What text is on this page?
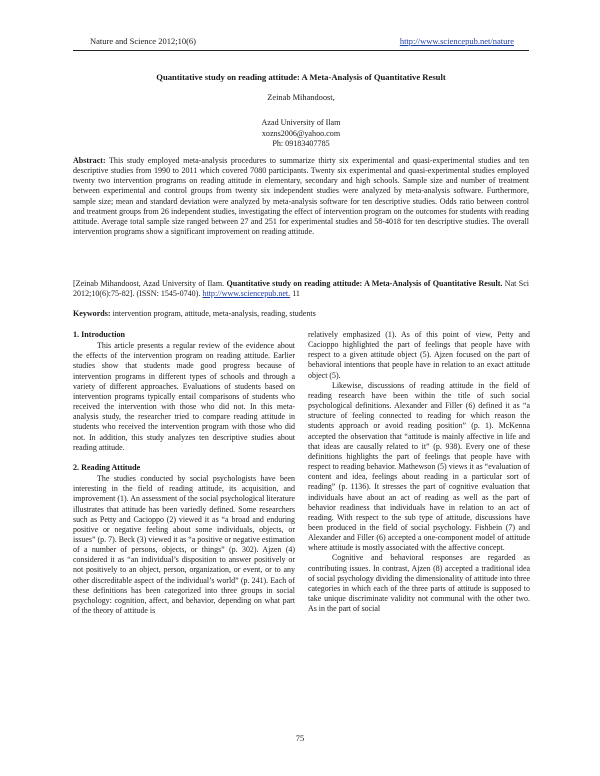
Nature and Science 2012;10(6)	http://www.sciencepub.net/nature
Quantitative study on reading attitude: A Meta-Analysis of Quantitative Result
Zeinab Mihandoost,
Azad University of Ilam
xozns2006@yahoo.com
Ph: 09183407785
Abstract: This study employed meta-analysis procedures to summarize thirty six experimental and quasi-experimental studies and ten descriptive studies from 1990 to 2011 which covered 7080 participants. Twenty six experimental and quasi-experimental studies employed twenty two intervention programs on reading attitude in elementary, secondary and high schools. Sample size and number of treatment between experimental and control groups from twenty six independent studies were analyzed by meta-analysis software. Furthermore, sample size; mean and standard deviation were analyzed by meta-analysis software for ten descriptive studies. Odds ratio between control and treatment groups from 26 independent studies, investigating the effect of intervention program on the outcomes for students with reading attitude. Average total sample size ranged between 27 and 251 for experimental studies and 58-4018 for ten descriptive studies. The overall intervention programs show a significant improvement on reading attitude.
[Zeinab Mihandoost, Azad University of Ilam. Quantitative study on reading attitude: A Meta-Analysis of Quantitative Result. Nat Sci 2012;10(6):75-82]. (ISSN: 1545-0740). http://www.sciencepub.net. 11
Keywords: intervention program, attitude, meta-analysis, reading, students
1. Introduction

This article presents a regular review of the evidence about the effects of the intervention program on reading attitude. Earlier studies show that students made good progress because of intervention programs in different types of schools and through a variety of different approaches. Evaluations of students based on intervention programs typically entail comparisons of students who received the intervention with those who did not. In this meta-analysis study, the researcher tried to compare reading attitude in students who received the intervention program with those who did not. In addition, this study analyzes ten descriptive studies about reading attitude.

2. Reading Attitude

The studies conducted by social psychologists have been interesting in the field of reading attitude, its acquisition, and improvement (1). An assessment of the social psychological literature illustrates that attitude has been variedly defined. Some researchers such as Petty and Cacioppo (2) viewed it as “a broad and enduring positive or negative feeling about some individuals, objects, or issues” (p. 7). Beck (3) viewed it as “a positive or negative estimation of a number of persons, objects, or things” (p. 302). Ajzen (4) considered it as “an individual’s disposition to answer positively or not positively to an object, person, organization, or event, or to any other discreditable aspect of the individual’s world” (p. 241). Each of these definitions has been categorized into three groups in social psychology: cognition, affect, and behavior, depending on what part of the theory of attitude is

relatively emphasized (1). As of this point of view, Petty and Cacioppo highlighted the part of feelings that people have with respect to a given attitude object (5). Ajzen focused on the part of behavioral intentions that people have in relation to an exact attitude object (5).

Likewise, discussions of reading attitude in the field of reading research have been within the title of such social psychological definitions. Alexander and Filler (6) defined it as “a structure of feeling connected to reading for which reason the students approach or avoid reading position” (p. 1). McKenna accepted the observation that “attitude is mainly affective in life and that ideas are causally related to it” (p. 938). Every one of these definitions highlights the part of feelings that people have with respect to reading behavior. Mathewson (5) views it as “evaluation of content and idea, feelings about reading in a particular sort of reading” (p. 1136). It stresses the part of cognitive evaluation that individuals have about an act of reading as well as the part of behavior readiness that individuals have in relation to an act of reading. With respect to the sub type of attitude, discussions have been produced in the field of social psychology. Fishbein (7) and Alexander and Filler (6) accepted a one-component model of attitude where attitude is mostly associated with the affective concept.

Cognitive and behavioral responses are regarded as contributing issues. In contrast, Ajzen (8) accepted a traditional idea of social psychology dividing the dimensionality of attitude into three categories in which each of the three parts of attitude is supposed to take unique discriminate validity not communal with the other two. As in the part of social

75
